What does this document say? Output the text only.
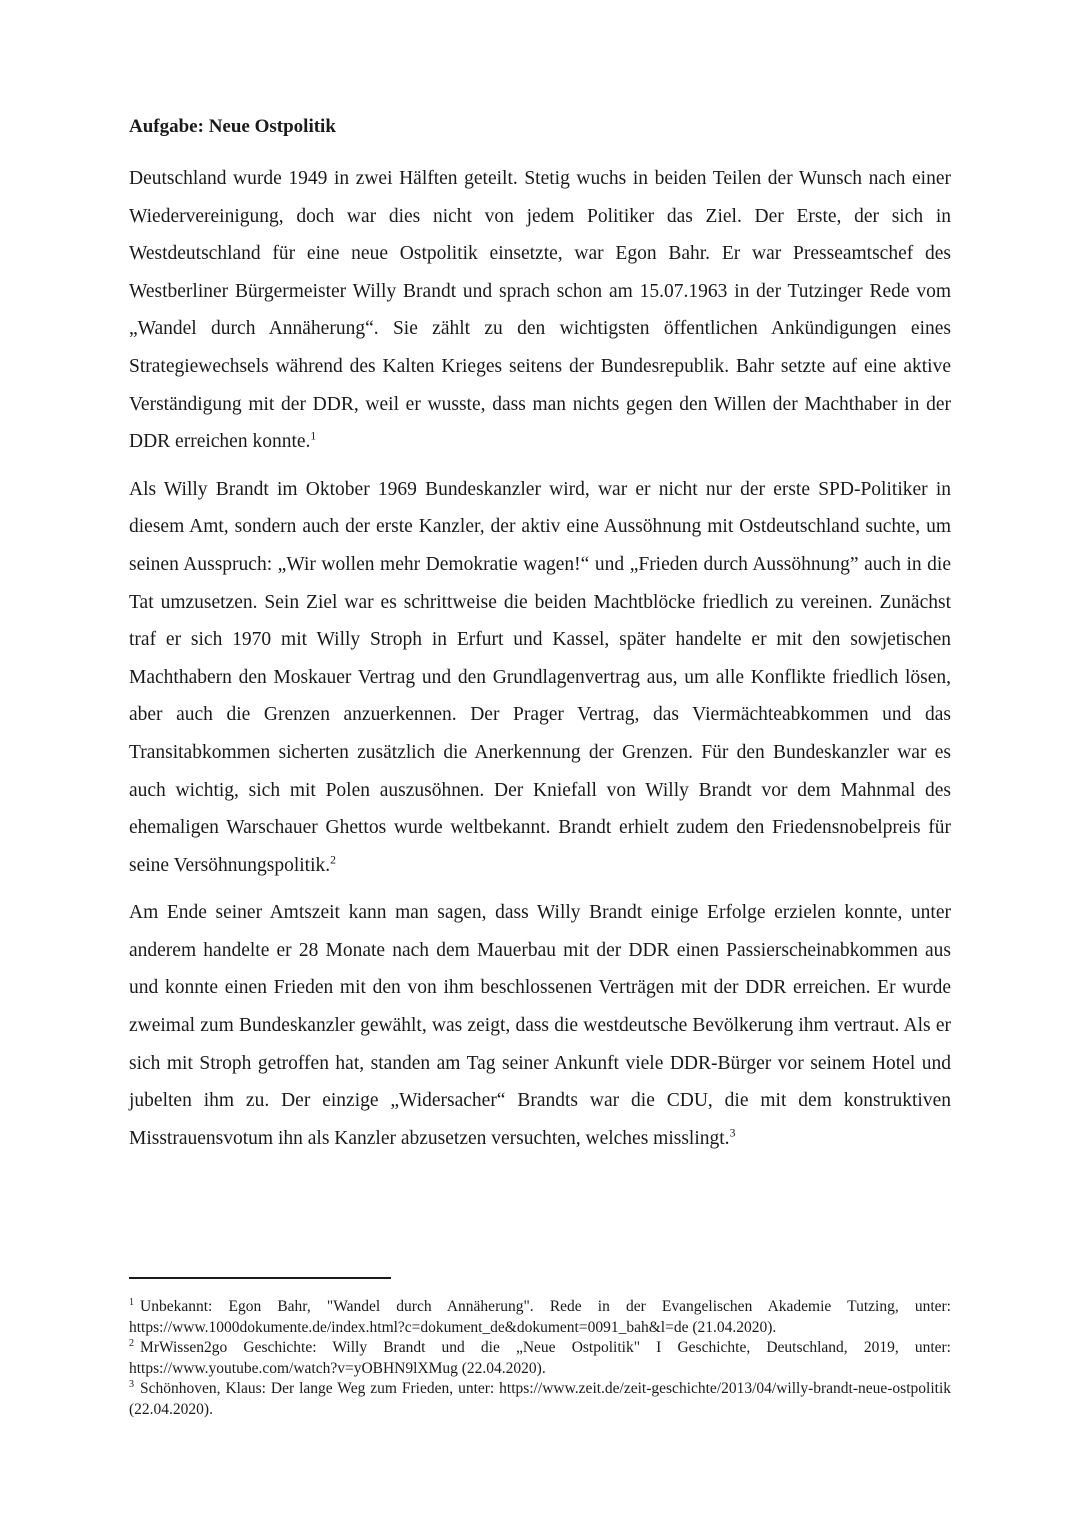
Aufgabe: Neue Ostpolitik

Deutschland wurde 1949 in zwei Hälften geteilt. Stetig wuchs in beiden Teilen der Wunsch nach einer Wiedervereinigung, doch war dies nicht von jedem Politiker das Ziel. Der Erste, der sich in Westdeutschland für eine neue Ostpolitik einsetzte, war Egon Bahr. Er war Presseamtschef des Westberliner Bürgermeister Willy Brandt und sprach schon am 15.07.1963 in der Tutzinger Rede vom „Wandel durch Annäherung“. Sie zählt zu den wichtigsten öffentlichen Ankündigungen eines Strategiewechsels während des Kalten Krieges seitens der Bundesrepublik. Bahr setzte auf eine aktive Verständigung mit der DDR, weil er wusste, dass man nichts gegen den Willen der Machthaber in der DDR erreichen konnte.$^1$

Als Willy Brandt im Oktober 1969 Bundeskanzler wird, war er nicht nur der erste SPD-Politiker in diesem Amt, sondern auch der erste Kanzler, der aktiv eine Aussöhnung mit Ostdeutschland suchte, um seinen Ausspruch: „Wir wollen mehr Demokratie wagen!“ und „Frieden durch Aussöhnung” auch in die Tat umzusetzen. Sein Ziel war es schrittweise die beiden Machtblöcke friedlich zu vereinen. Zunächst traf er sich 1970 mit Willy Stroph in Erfurt und Kassel, später handelte er mit den sowjetischen Machthabern den Moskauer Vertrag und den Grundlagenvertrag aus, um alle Konflikte friedlich lösen, aber auch die Grenzen anzuerkennen. Der Prager Vertrag, das Viermächteabkommen und das Transitabkommen sicherten zusätzlich die Anerkennung der Grenzen. Für den Bundeskanzler war es auch wichtig, sich mit Polen auszusöhnen. Der Kniefall von Willy Brandt vor dem Mahnmal des ehemaligen Warschauer Ghettos wurde weltbekannt. Brandt erhielt zudem den Friedensnobelpreis für seine Versöhnungspolitik.$^2$

Am Ende seiner Amtszeit kann man sagen, dass Willy Brandt einige Erfolge erzielen konnte, unter anderem handelte er 28 Monate nach dem Mauerbau mit der DDR einen Passierscheinabkommen aus und konnte einen Frieden mit den von ihm beschlossenen Verträgen mit der DDR erreichen. Er wurde zweimal zum Bundeskanzler gewählt, was zeigt, dass die westdeutsche Bevölkerung ihm vertraut. Als er sich mit Stroph getroffen hat, standen am Tag seiner Ankunft viele DDR-Bürger vor seinem Hotel und jubelten ihm zu. Der einzige „Widersacher“ Brandts war die CDU, die mit dem konstruktiven Misstrauensvotum ihn als Kanzler abzusetzen versuchten, welches misslingt.$^3$

$^1$ Unbekannt: Egon Bahr, "Wandel durch Annäherung". Rede in der Evangelischen Akademie Tutzing, unter: https://www.1000dokumente.de/index.html?c=dokument_de&dokument=0091_bah&l=de (21.04.2020).

$^2$ MrWissen2go Geschichte: Willy Brandt und die „Neue Ostpolitik" I Geschichte, Deutschland, 2019, unter: https://www.youtube.com/watch?v=yOBHN9lXMug (22.04.2020).

$^3$ Schönhoven, Klaus: Der lange Weg zum Frieden, unter: https://www.zeit.de/zeit-geschichte/2013/04/willy-brandt-neue-ostpolitik (22.04.2020).
